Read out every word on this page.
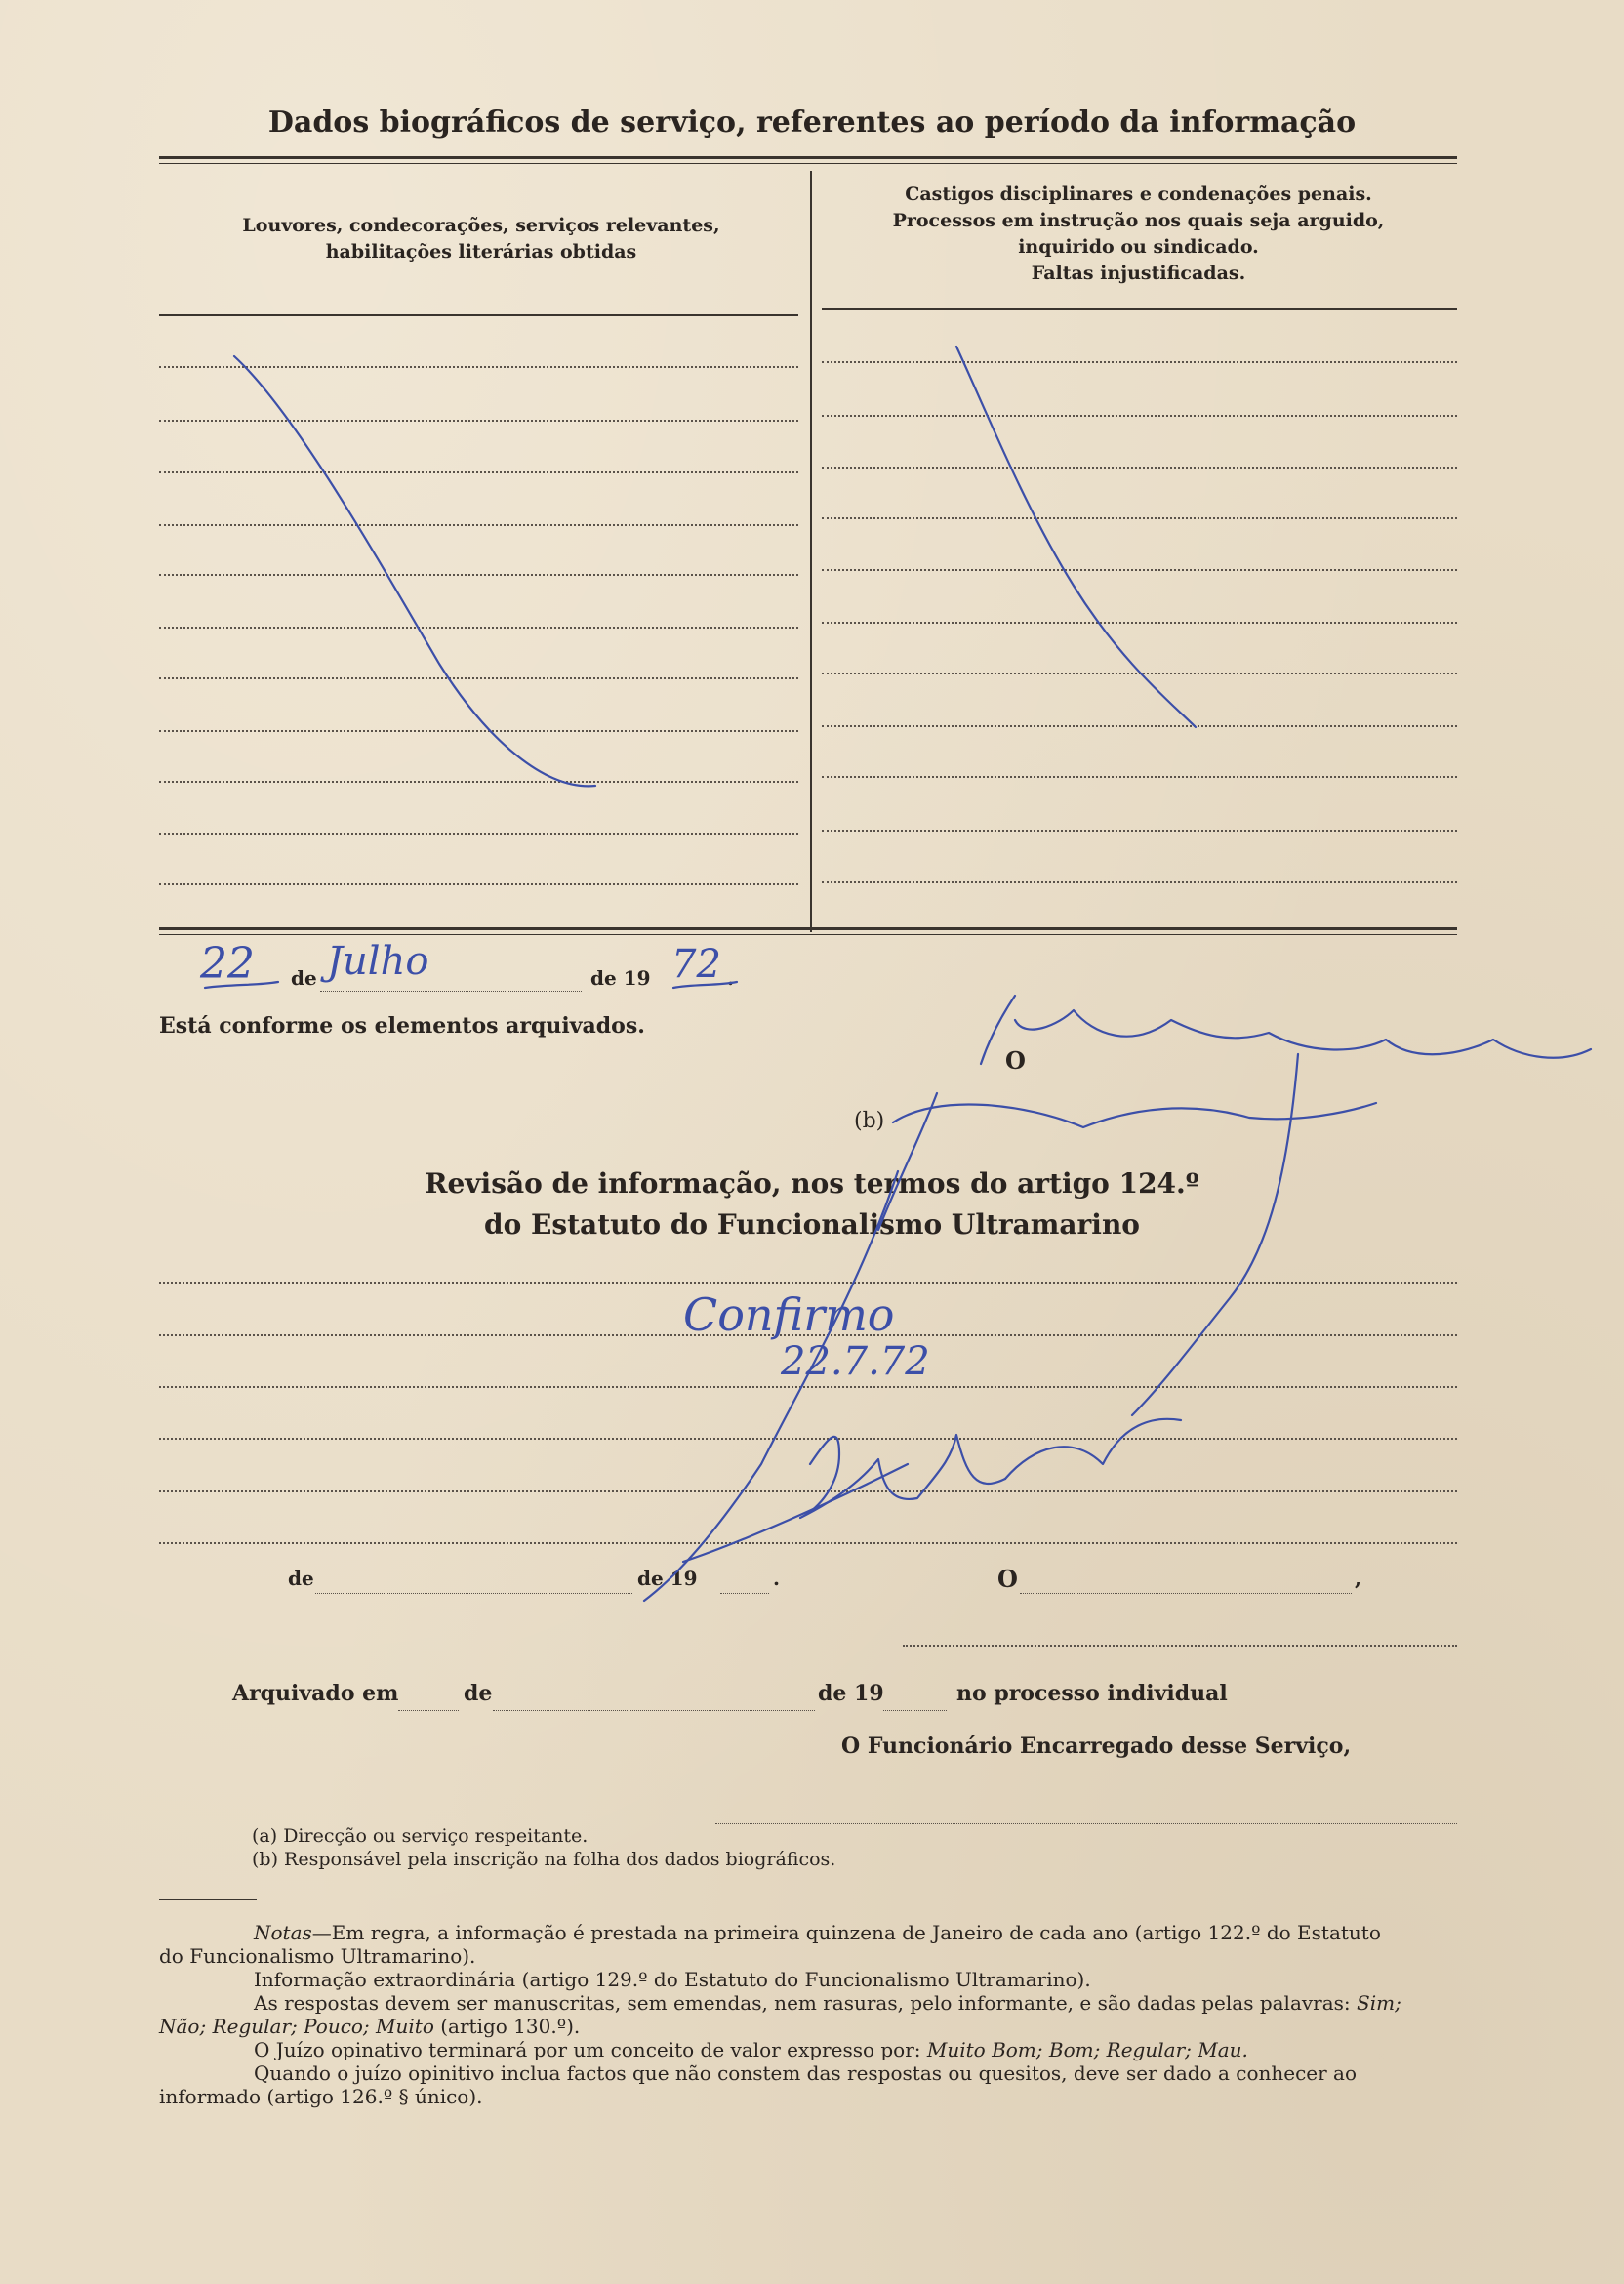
Dados biográficos de serviço, referentes ao período da informação
Louvores, condecorações, serviços relevantes,
habilitações literárias obtidas
Castigos disciplinares e condenações penais.
Processos em instrução nos quais seja arguido,
inquirido ou sindicado.
Faltas injustificadas.
22 de Julho	de 19 72 .
Está conforme os elementos arquivados.
O
(b)
Revisão de informação, nos termos do artigo 124.º
do Estatuto do Funcionalismo Ultramarino
Confirmo
22.7.72
de	de 19	.	O	,
Arquivado em	de	de 19	no processo individual
O Funcionário Encarregado desse Serviço,
(a) Direcção ou serviço respeitante.
(b) Responsável pela inscrição na folha dos dados biográficos.
Notas—Em regra, a informação é prestada na primeira quinzena de Janeiro de cada ano (artigo 122.º do Estatuto
do Funcionalismo Ultramarino).
Informação extraordinária (artigo 129.º do Estatuto do Funcionalismo Ultramarino).
As respostas devem ser manuscritas, sem emendas, nem rasuras, pelo informante, e são dadas pelas palavras: Sim;
Não; Regular; Pouco; Muito (artigo 130.º).
O Juízo opinativo terminará por um conceito de valor expresso por: Muito Bom; Bom; Regular; Mau.
Quando o juízo opinitivo inclua factos que não constem das respostas ou quesitos, deve ser dado a conhecer ao
informado (artigo 126.º § único).
